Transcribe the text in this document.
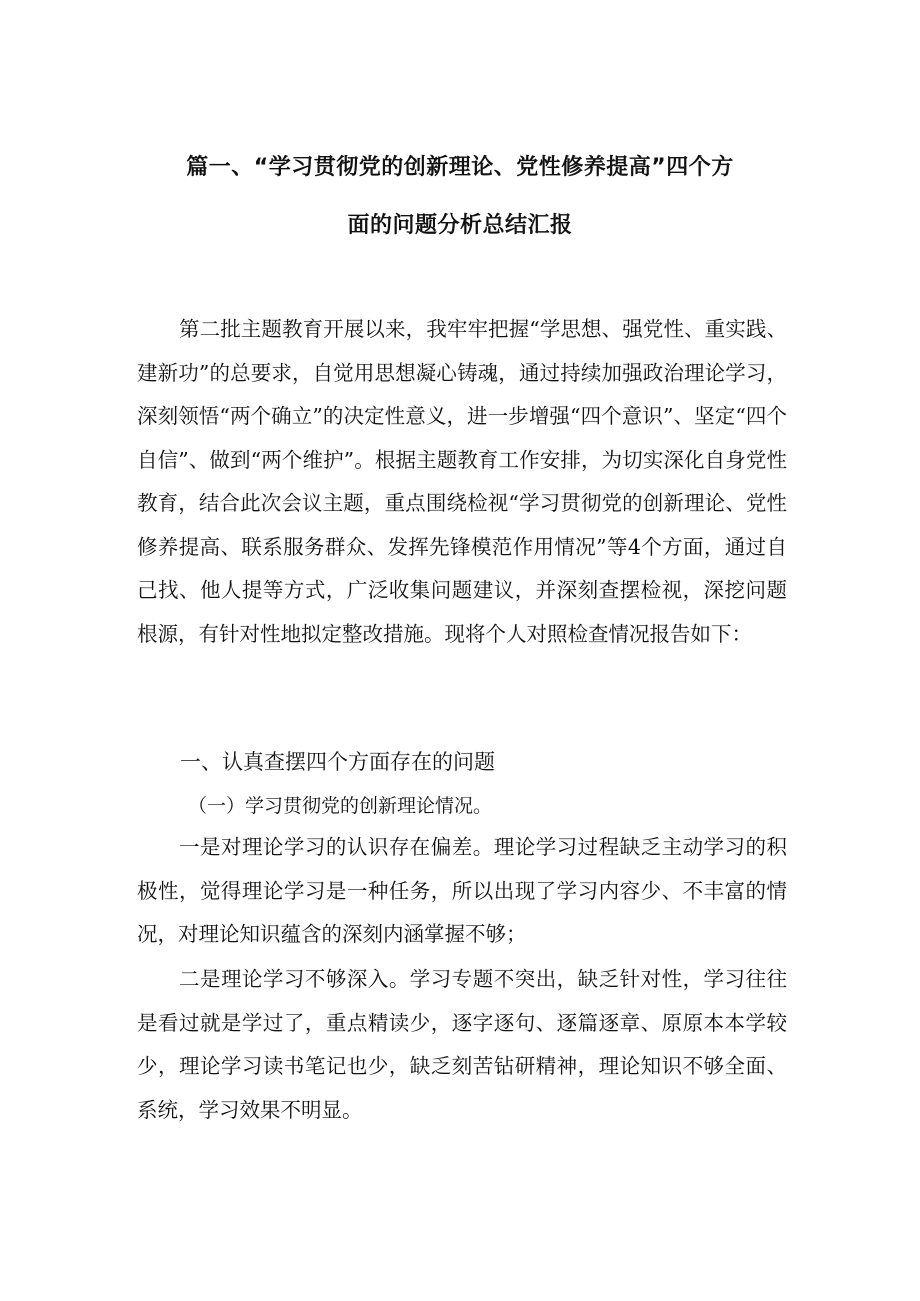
篇一、“学习贯彻党的创新理论、党性修养提高”四个方
面的问题分析总结汇报
第二批主题教育开展以来，我牢牢把握“学思想、强党性、重实践、建新功”的总要求，自觉用思想凝心铸魂，通过持续加强政治理论学习，深刻领悟“两个确立”的决定性意义，进一步增强“四个意识”、坚定“四个自信”、做到“两个维护”。根据主题教育工作安排，为切实深化自身党性教育，结合此次会议主题，重点围绕检视“学习贯彻党的创新理论、党性修养提高、联系服务群众、发挥先锋模范作用情况”等4个方面，通过自己找、他人提等方式，广泛收集问题建议，并深刻查摆检视，深挖问题根源，有针对性地拟定整改措施。现将个人对照检查情况报告如下：
一、认真查摆四个方面存在的问题
（一）学习贯彻党的创新理论情况。
一是对理论学习的认识存在偏差。理论学习过程缺乏主动学习的积极性，觉得理论学习是一种任务，所以出现了学习内容少、不丰富的情况，对理论知识蕴含的深刻内涵掌握不够；
二是理论学习不够深入。学习专题不突出，缺乏针对性，学习往往是看过就是学过了，重点精读少，逐字逐句、逐篇逐章、原原本本学较少，理论学习读书笔记也少，缺乏刻苦钻研精神，理论知识不够全面、系统，学习效果不明显。
